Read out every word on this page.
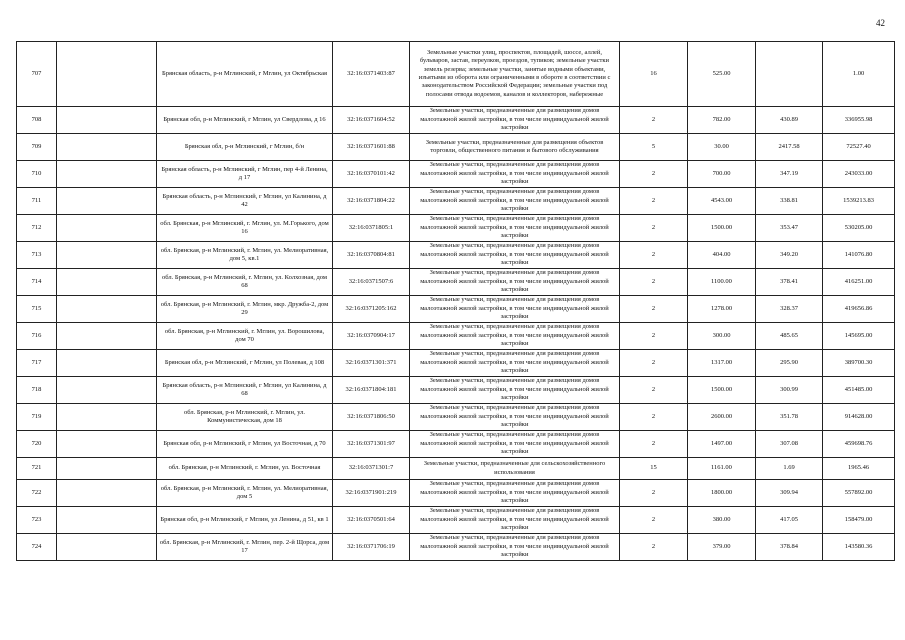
42
707		Брянская область, р-н Мглинский, г Мглин, ул Октябрьская	32:16:0371403:87	Земельные участки улиц, проспектов, площадей, шоссе, аллей, бульваров, застав, переулков, проездов, тупиков; земельные участки земель резерва; земельные участки, занятые водными объектами, изъятыми из оборота или ограниченными в обороте в соответствии с законодательством Российской Федерации; земельные участки под полосами отвода водоемов, каналов и коллекторов, набережные	16	525.00		1.00
708		Брянская обл, р-н Мглинский, г Мглин, ул Свердлова, д 16	32:16:0371604:52	Земельные участки, предназначенные для размещения домов малоэтажной жилой застройки, в том числе индивидуальной жилой застройки	2	782.00	430.89	336955.98
709		Брянская обл, р-н Мглинский, г Мглин, б/н	32:16:0371601:88	Земельные участки, предназначенные для размещения объектов торговли, общественного питания и бытового обслуживания	5	30.00	2417.58	72527.40
710		Брянская область, р-н Мглинский, г Мглин, пер 4-й Ленина, д 17	32:16:0370101:42	Земельные участки, предназначенные для размещения домов малоэтажной жилой застройки, в том числе индивидуальной жилой застройки	2	700.00	347.19	243033.00
711		Брянская область, р-н Мглинский, г Мглин, ул Калинина, д 42	32:16:0371804:22	Земельные участки, предназначенные для размещения домов малоэтажной жилой застройки, в том числе индивидуальной жилой застройки	2	4543.00	338.81	1539213.83
712		обл. Брянская, р-н Мглинский, г. Мглин, ул. М.Горького, дом 16	32:16:0371805:1	Земельные участки, предназначенные для размещения домов малоэтажной жилой застройки, в том числе индивидуальной жилой застройки	2	1500.00	353.47	530205.00
713		обл. Брянская, р-н Мглинский, г. Мглин, ул. Мелиоративная, дом 5, кв.1	32:16:0370804:81	Земельные участки, предназначенные для размещения домов малоэтажной жилой застройки, в том числе индивидуальной жилой застройки	2	404.00	349.20	141076.80
714		обл. Брянская, р-н Мглинский, г. Мглин, ул. Колхозная, дом 68	32:16:0371507:6	Земельные участки, предназначенные для размещения домов малоэтажной жилой застройки, в том числе индивидуальной жилой застройки	2	1100.00	378.41	416251.00
715		обл. Брянская, р-н Мглинский, г. Мглин, мкр. Дружба-2, дом 29	32:16:0371205:162	Земельные участки, предназначенные для размещения домов малоэтажной жилой застройки, в том числе индивидуальной жилой застройки	2	1278.00	328.37	419656.86
716		обл. Брянская, р-н Мглинский, г. Мглин, ул. Ворошилова, дом 70	32:16:0370904:17	Земельные участки, предназначенные для размещения домов малоэтажной жилой застройки, в том числе индивидуальной жилой застройки	2	300.00	485.65	145695.00
717		Брянская обл, р-н Мглинский, г Мглин, ул Полевая, д 108	32:16:0371301:371	Земельные участки, предназначенные для размещения домов малоэтажной жилой застройки, в том числе индивидуальной жилой застройки	2	1317.00	295.90	389700.30
718		Брянская область, р-н Мглинский, г Мглин, ул Калинина, д 68	32:16:0371804:181	Земельные участки, предназначенные для размещения домов малоэтажной жилой застройки, в том числе индивидуальной жилой застройки	2	1500.00	300.99	451485.00
719		обл. Брянская, р-н Мглинский, г. Мглин, ул. Коммунистическая, дом 18	32:16:0371806:50	Земельные участки, предназначенные для размещения домов малоэтажной жилой застройки, в том числе индивидуальной жилой застройки	2	2600.00	351.78	914628.00
720		Брянская обл, р-н Мглинский, г Мглин, ул Восточная, д 70	32:16:0371301:97	Земельные участки, предназначенные для размещения домов малоэтажной жилой застройки, в том числе индивидуальной жилой застройки	2	1497.00	307.08	459698.76
721		обл. Брянская, р-н Мглинский, г. Мглин, ул. Восточная	32:16:0371301:7	Земельные участки, предназначенные для сельскохозяйственного использования	15	1161.00	1.69	1965.46
722		обл. Брянская, р-н Мглинский, г. Мглин, ул. Мелиоративная, дом 5	32:16:0371901:219	Земельные участки, предназначенные для размещения домов малоэтажной жилой застройки, в том числе индивидуальной жилой застройки	2	1800.00	309.94	557892.00
723		Брянская обл, р-н Мглинский, г Мглин, ул Ленина, д 51, кв 1	32:16:0370501:64	Земельные участки, предназначенные для размещения домов малоэтажной жилой застройки, в том числе индивидуальной жилой застройки	2	380.00	417.05	158479.00
724		обл. Брянская, р-н Мглинский, г. Мглин, пер. 2-й Щорса, дом 17	32:16:0371706:19	Земельные участки, предназначенные для размещения домов малоэтажной жилой застройки, в том числе индивидуальной жилой застройки	2	379.00	378.84	143580.36
